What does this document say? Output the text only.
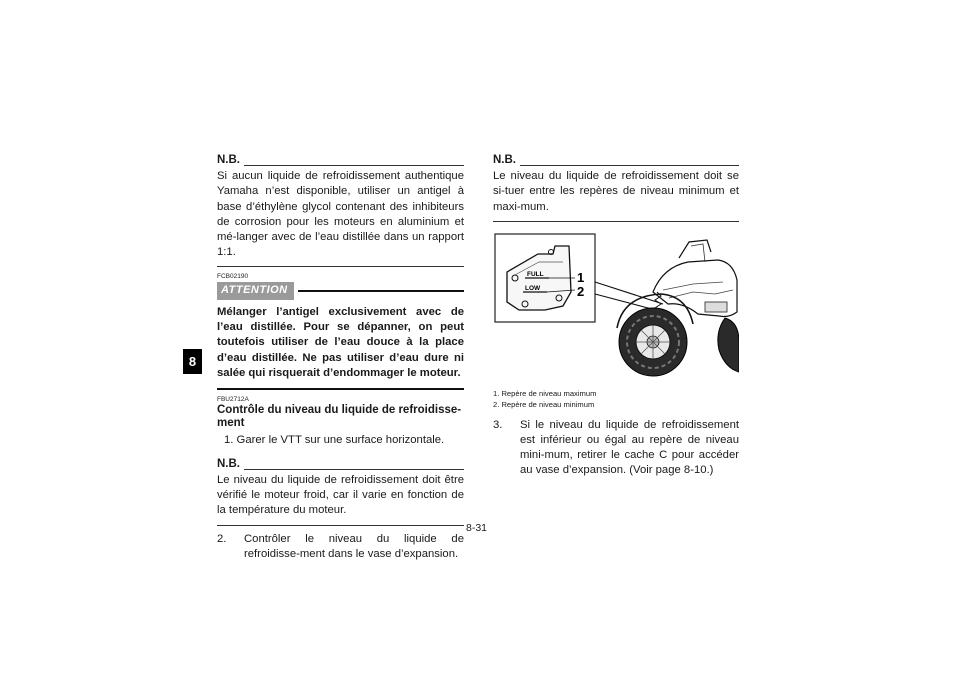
8
N.B.

Si aucun liquide de refroidissement authentique Yamaha n’est disponible, utiliser un antigel à base d’éthylène glycol contenant des inhibiteurs de corrosion pour les moteurs en aluminium et mé-langer avec de l’eau distillée dans un rapport 1:1.

FCB02190
ATTENTION
Mélanger l’antigel exclusivement avec de l’eau distillée. Pour se dépanner, on peut toutefois utiliser de l’eau douce à la place d’eau distillée. Ne pas utiliser d’eau dure ni salée qui risquerait d’endommager le moteur.
FBU2712A
Contrôle du niveau du liquide de refroidisse-ment
1. Garer le VTT sur une surface horizontale.
N.B.

Le niveau du liquide de refroidissement doit être vérifié le moteur froid, car il varie en fonction de la température du moteur.

2.	Contrôler le niveau du liquide de refroidisse-ment dans le vase d’expansion.
N.B.

Le niveau du liquide de refroidissement doit se si-tuer entre les repères de niveau minimum et maxi-mum.

FULL
LOW
1
2
1. Repère de niveau maximum
2. Repère de niveau minimum
3.	Si le niveau du liquide de refroidissement est inférieur ou égal au repère de niveau mini-mum, retirer le cache C pour accéder au vase d’expansion. (Voir page 8-10.)
8-31
